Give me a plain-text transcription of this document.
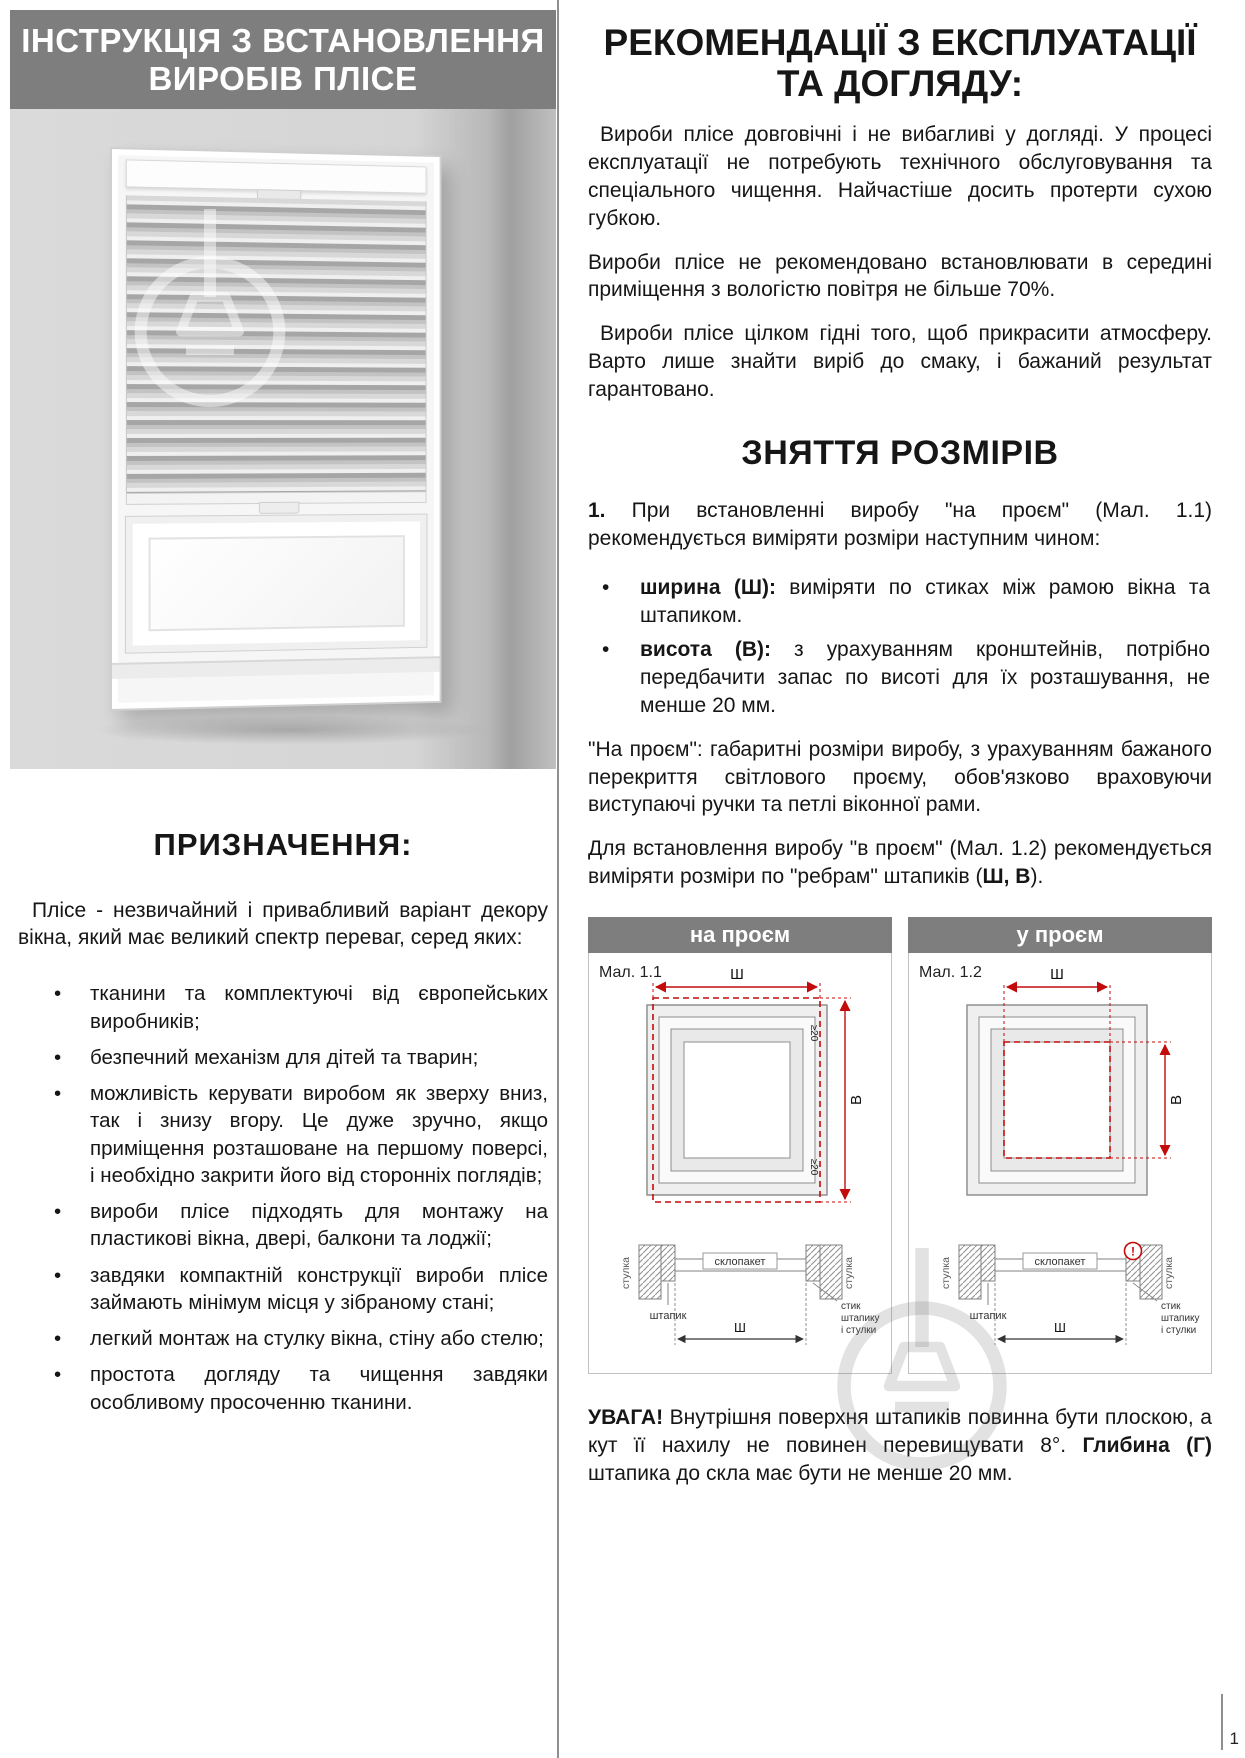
ІНСТРУКЦІЯ З ВСТАНОВЛЕННЯ
ВИРОБІВ ПЛІСЕ
ПРИЗНАЧЕННЯ:

Плісе - незвичайний і привабливий варіант декору вікна, який має великий спектр переваг, серед яких:

• тканини та комплектуючі від європейських виробників;
• безпечний механізм для дітей та тварин;
• можливість керувати виробом як зверху вниз, так і знизу вгору. Це дуже зручно, якщо приміщення розташоване на першому поверсі, і необхідно закрити його від сторонніх поглядів;
• вироби плісе підходять для монтажу на пластикові вікна, двері, балкони та лоджії;
• завдяки компактній конструкції вироби плісе займають мінімум місця у зібраному стані;
• легкий монтаж на стулку вікна, стіну або стелю;
• простота догляду та чищення завдяки особливому просоченню тканини.
РЕКОМЕНДАЦІЇ З ЕКСПЛУАТАЦІЇ
ТА ДОГЛЯДУ:

Вироби плісе довговічні і не вибагливі у догляді. У процесі експлуатації не потребують технічного обслуговування та спеціального чищення. Найчастіше досить протерти сухою губкою.

Вироби плісе не рекомендовано встановлювати в середині приміщення з вологістю повітря не більше 70%.

Вироби плісе цілком гідні того, щоб прикрасити атмосферу. Варто лише знайти виріб до смаку, і бажаний результат гарантовано.

ЗНЯТТЯ РОЗМІРІВ

1. При встановленні виробу "на проєм" (Мал. 1.1) рекомендується виміряти розміри наступним чином:

• ширина (Ш): виміряти по стиках між рамою вікна та штапиком.
• висота (В): з урахуванням кронштейнів, потрібно передбачити запас по висоті для їх розташування, не менше 20 мм.

"На проєм": габаритні розміри виробу, з урахуванням бажаного перекриття світлового проєму, обов'язково враховуючи виступаючі ручки та петлі віконної рами.

Для встановлення виробу "в проєм" (Мал. 1.2) рекомендується виміряти розміри по "ребрам" штапиків (Ш, В).

на проєм
Мал. 1.1	Ш
В
≥20
≥20
склопакет
стулка	стулка
штапик
Ш
стик
штапику
і стулки
у проєм
Мал. 1.2	Ш
В
склопакет
стулка	стулка
штапик
!
Ш
стик
штапику
і стулки

УВАГА! Внутрішня поверхня штапиків повинна бути плоскою, а кут її нахилу не повинен перевищувати 8°. Глибина (Г) штапика до скла має бути не менше 20 мм.

1
